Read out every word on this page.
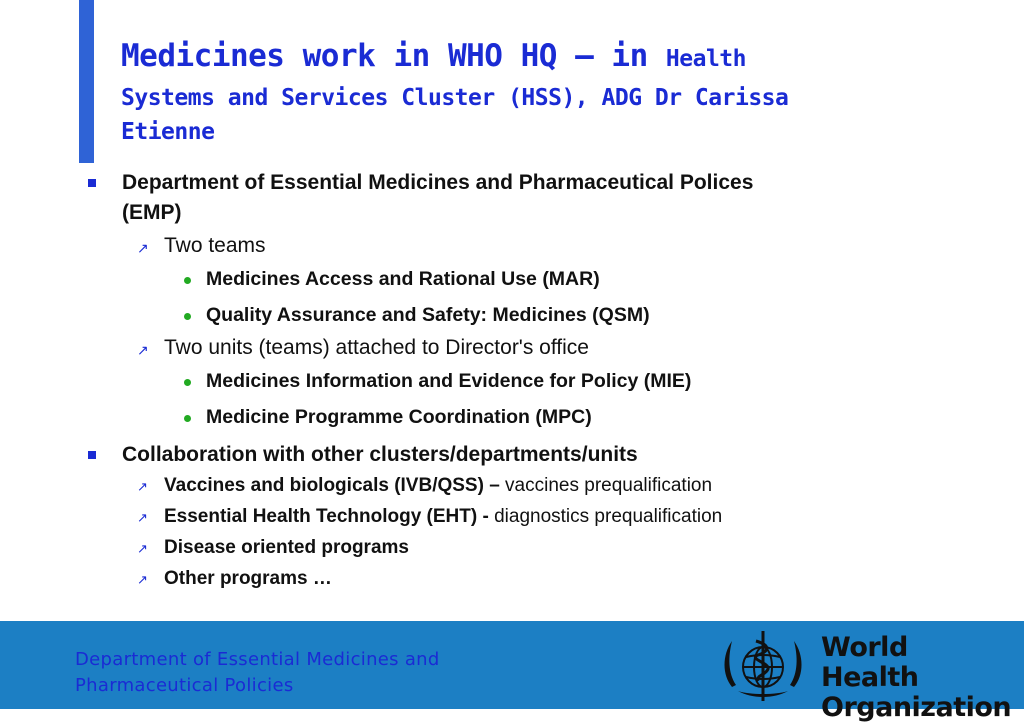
Medicines work in WHO HQ – in Health
Systems and Services Cluster (HSS), ADG Dr Carissa
Etienne
Department of Essential Medicines and Pharmaceutical Polices
(EMP)
↗ Two teams
Medicines Access and Rational Use (MAR)
Quality Assurance and Safety: Medicines (QSM)
↗ Two units (teams) attached to Director's office
Medicines Information and Evidence for Policy (MIE)
Medicine Programme Coordination (MPC)
Collaboration with other clusters/departments/units
↗ Vaccines and biologicals (IVB/QSS) – vaccines prequalification
↗ Essential Health Technology (EHT) - diagnostics prequalification
↗ Disease oriented programs
↗ Other programs …
Department of Essential Medicines and
Pharmaceutical Policies
World Health
Organization
